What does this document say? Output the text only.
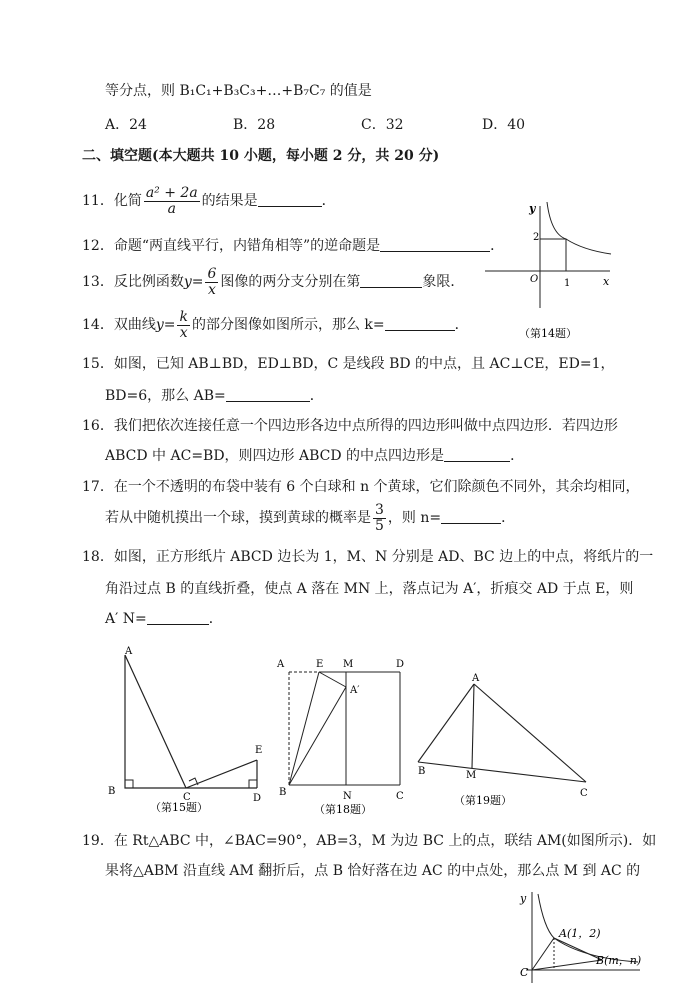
等分点，则 B₁C₁+B₃C₃+…+B₇C₇ 的值是
A．24	B．28	C．32	D．40
二、填空题(本大题共 10 小题，每小题 2 分，共 20 分)
11．化简 $\frac{\text{a² + 2a}}{a}$ 的结果是	．
12．命题“两直线平行，内错角相等”的逆命题是	．
13．反比例函数$y= \frac{6}{x}$ 图像的两分支分别在第	象限．
14．双曲线$y= \frac{k}{x}$ 的部分图像如图所示，那么 k=	．
y
x
2
O	1
（第14题）
15．如图，已知 AB⊥BD，ED⊥BD，C 是线段 BD 的中点，且 AC⊥CE，ED=1，
BD=6，那么 AB=	．
16．我们把依次连接任意一个四边形各边中点所得的四边形叫做中点四边形．若四边形
ABCD 中 AC=BD，则四边形 ABCD 的中点四边形是	．
17．在一个不透明的布袋中装有 6 个白球和 n 个黄球，它们除颜色不同外，其余均相同，
若从中随机摸出一个球，摸到黄球的概率是 $\frac{3}{5}$ ，则 n=	．
18．如图，正方形纸片 ABCD 边长为 1，M、N 分别是 AD、BC 边上的中点，将纸片的一
角沿过点 B 的直线折叠，使点 A 落在 MN 上，落点记为 A′，折痕交 AD 于点 E，则
A′ N=	．
A
B
C	D
E
（第15题）
A	E M	D
A′
B	N	C
（第18题）
A
B	M
C
（第19题）
19．在 Rt△ABC 中，∠BAC=90°，AB=3，M 为边 BC 上的点，联结 AM(如图所示)．如
果将△ABM 沿直线 AM 翻折后，点 B 恰好落在边 AC 的中点处，那么点 M 到 AC 的
y
C
A(1，2)
B(m，n)
